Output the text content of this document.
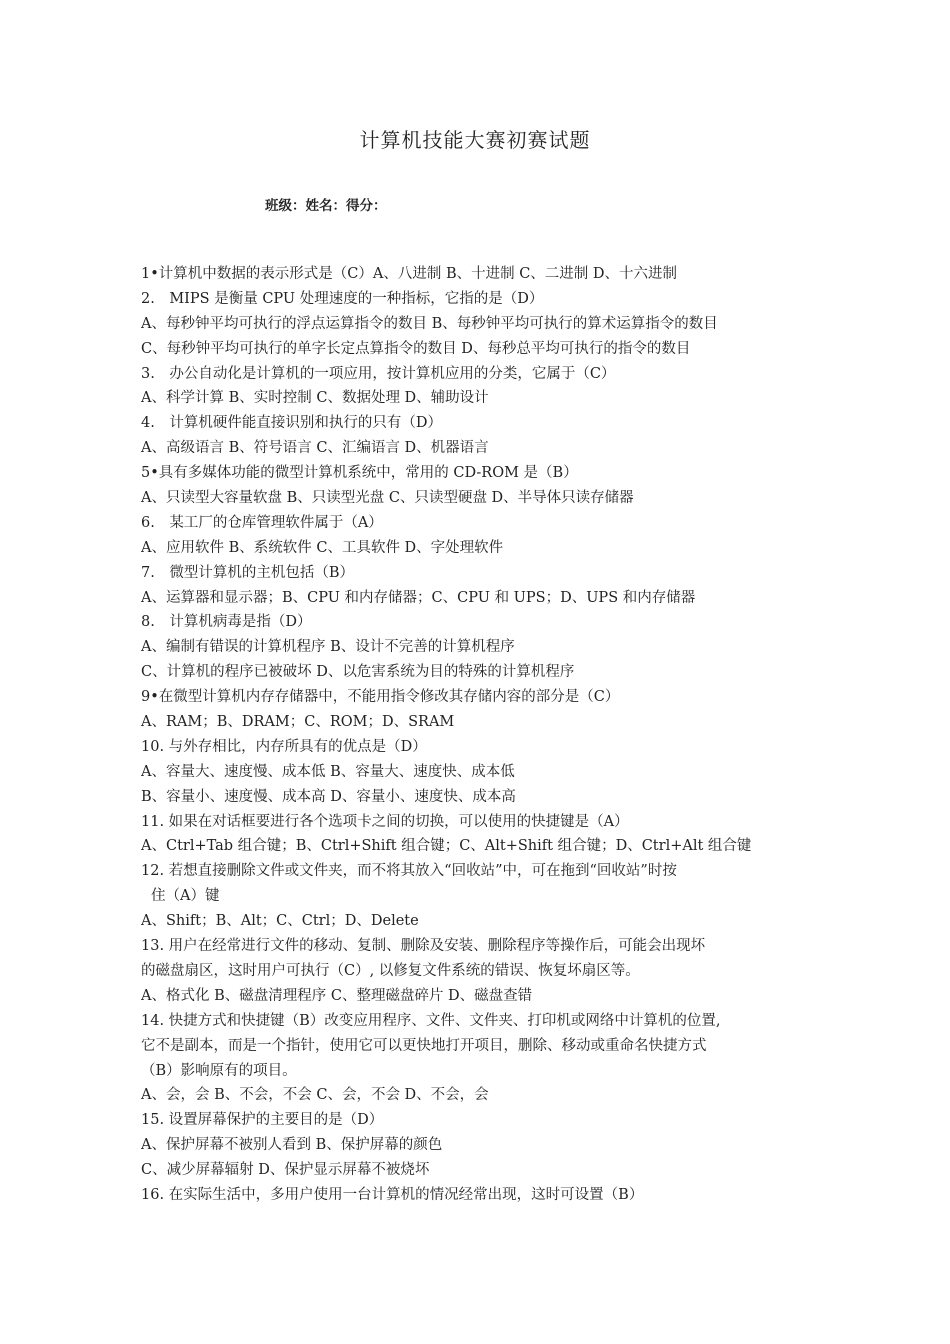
计算机技能大赛初赛试题
班级：姓名：得分：
1•计算机中数据的表示形式是（C）A、八进制 B、十进制 C、二进制 D、十六进制
2.　MIPS 是衡量 CPU 处理速度的一种指标，它指的是（D）
A、每秒钟平均可执行的浮点运算指令的数目 B、每秒钟平均可执行的算术运算指令的数目
C、每秒钟平均可执行的单字长定点算指令的数目 D、每秒总平均可执行的指令的数目
3.　办公自动化是计算机的一项应用，按计算机应用的分类，它属于（C）
A、科学计算 B、实时控制 C、数据处理 D、辅助设计
4.　计算机硬件能直接识别和执行的只有（D）
A、高级语言 B、符号语言 C、汇编语言 D、机器语言
5•具有多媒体功能的微型计算机系统中，常用的 CD-ROM 是（B）
A、只读型大容量软盘 B、只读型光盘 C、只读型硬盘 D、半导体只读存储器
6.　某工厂的仓库管理软件属于（A）
A、应用软件 B、系统软件 C、工具软件 D、字处理软件
7.　微型计算机的主机包括（B）
A、运算器和显示器；B、CPU 和内存储器；C、CPU 和 UPS；D、UPS 和内存储器
8.　计算机病毒是指（D）
A、编制有错误的计算机程序 B、设计不完善的计算机程序
C、计算机的程序已被破坏 D、以危害系统为目的特殊的计算机程序
9•在微型计算机内存存储器中，不能用指令修改其存储内容的部分是（C）
A、RAM；B、DRAM；C、ROM；D、SRAM
10. 与外存相比，内存所具有的优点是（D）
A、容量大、速度慢、成本低 B、容量大、速度快、成本低
B、容量小、速度慢、成本高 D、容量小、速度快、成本高
11. 如果在对话框要进行各个选项卡之间的切换，可以使用的快捷键是（A）
A、Ctrl+Tab 组合键；B、Ctrl+Shift 组合键；C、Alt+Shift 组合键；D、Ctrl+Alt 组合键
12. 若想直接删除文件或文件夹，而不将其放入“回收站”中，可在拖到“回收站”时按
住（A）键
A、Shift；B、Alt；C、Ctrl；D、Delete
13. 用户在经常进行文件的移动、复制、删除及安装、删除程序等操作后，可能会出现坏
的磁盘扇区，这时用户可执行（C）, 以修复文件系统的错误、恢复坏扇区等。
A、格式化 B、磁盘清理程序 C、整理磁盘碎片 D、磁盘查错
14. 快捷方式和快捷键（B）改变应用程序、文件、文件夹、打印机或网络中计算机的位置,
它不是副本，而是一个指针，使用它可以更快地打开项目，删除、移动或重命名快捷方式
（B）影响原有的项目。
A、会，会 B、不会，不会 C、会，不会 D、不会，会
15. 设置屏幕保护的主要目的是（D）
A、保护屏幕不被别人看到 B、保护屏幕的颜色
C、减少屏幕辐射 D、保护显示屏幕不被烧坏
16. 在实际生活中，多用户使用一台计算机的情况经常出现，这时可设置（B）
